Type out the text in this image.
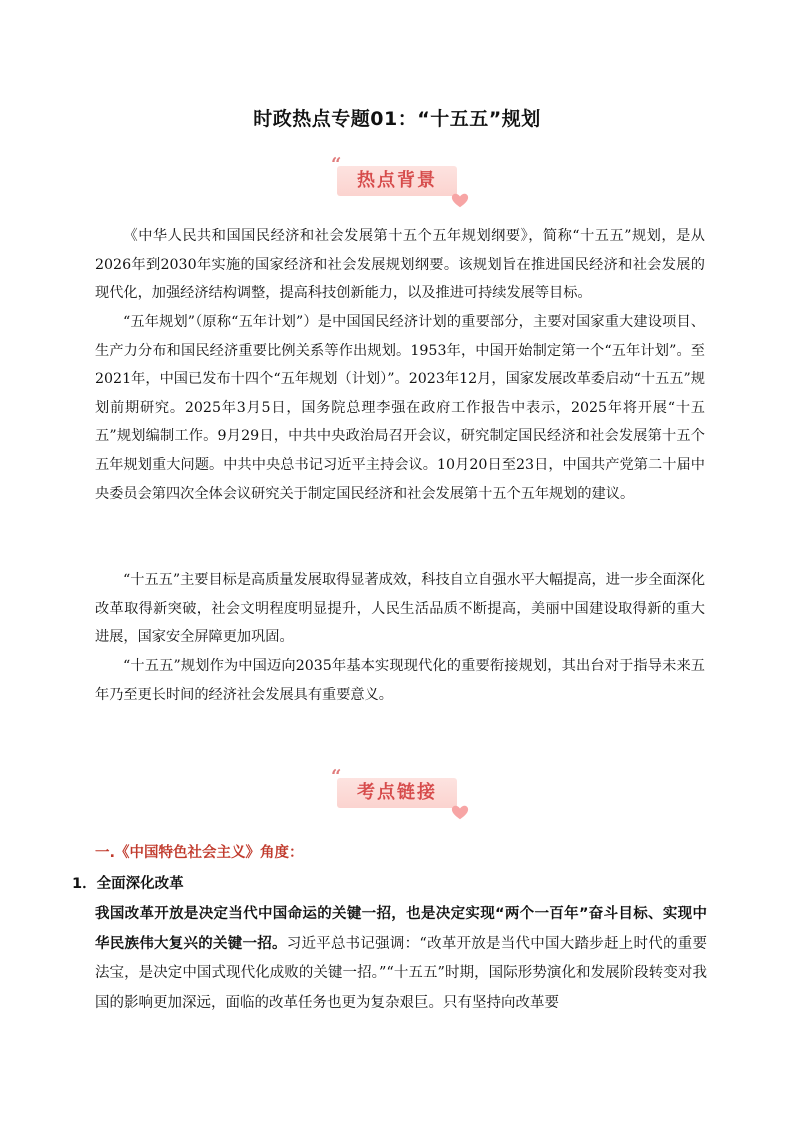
时政热点专题01：“十五五”规划
热点背景
“

《中华人民共和国国民经济和社会发展第十五个五年规划纲要》，简称“十五五”规划，是从2026年到2030年实施的国家经济和社会发展规划纲要。该规划旨在推进国民经济和社会发展的现代化，加强经济结构调整，提高科技创新能力，以及推进可持续发展等目标。

“五年规划”（原称“五年计划”）是中国国民经济计划的重要部分，主要对国家重大建设项目、生产力分布和国民经济重要比例关系等作出规划。1953年，中国开始制定第一个“五年计划”。至2021年，中国已发布十四个“五年规划（计划）”。2023年12月，国家发展改革委启动“十五五”规划前期研究。2025年3月5日，国务院总理李强在政府工作报告中表示，2025年将开展“十五五”规划编制工作。9月29日，中共中央政治局召开会议，研究制定国民经济和社会发展第十五个五年规划重大问题。中共中央总书记习近平主持会议。10月20日至23日，中国共产党第二十届中央委员会第四次全体会议研究关于制定国民经济和社会发展第十五个五年规划的建议。

“十五五”主要目标是高质量发展取得显著成效，科技自立自强水平大幅提高，进一步全面深化改革取得新突破，社会文明程度明显提升，人民生活品质不断提高，美丽中国建设取得新的重大进展，国家安全屏障更加巩固。

“十五五”规划作为中国迈向2035年基本实现现代化的重要衔接规划，其出台对于指导未来五年乃至更长时间的经济社会发展具有重要意义。

考点链接
“
一.《中国特色社会主义》角度：
1．全面深化改革

我国改革开放是决定当代中国命运的关键一招，也是决定实现“两个一百年”奋斗目标、实现中华民族伟大复兴的关键一招。习近平总书记强调：“改革开放是当代中国大踏步赶上时代的重要法宝，是决定中国式现代化成败的关键一招。”“十五五”时期，国际形势演化和发展阶段转变对我国的影响更加深远，面临的改革任务也更为复杂艰巨。只有坚持向改革要
